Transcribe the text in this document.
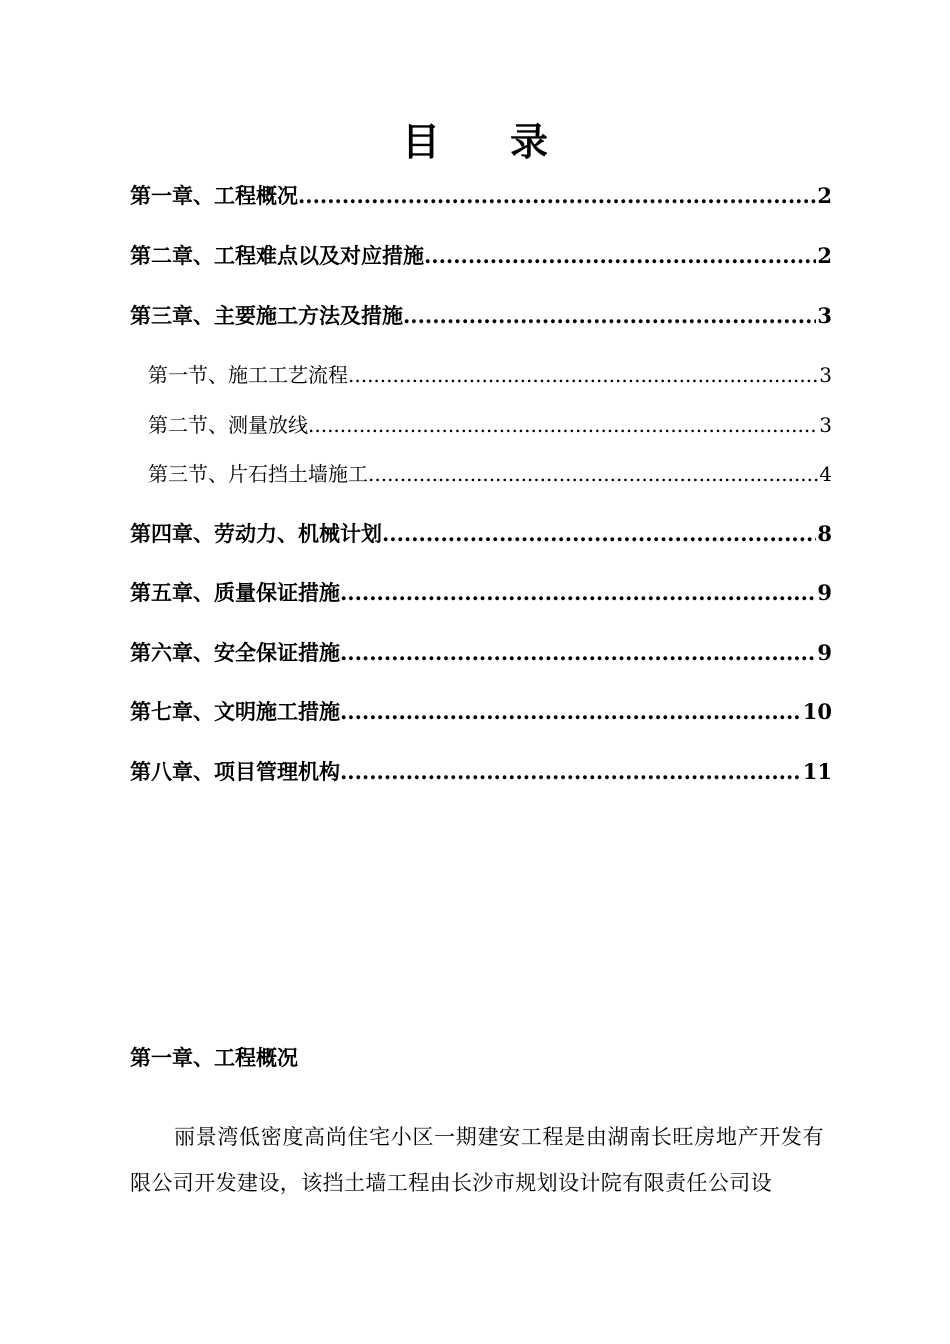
目 录
第一章、工程概况 .....	2
第二章、工程难点以及对应措施 .....	2
第三章、主要施工方法及措施 .....	3
第一节、施工工艺流程 .....	3
第二节、测量放线 .....	3
第三节、片石挡土墙施工 .....	4
第四章、劳动力、机械计划 .....	8
第五章、质量保证措施 .....	9
第六章、安全保证措施 .....	9
第七章、文明施工措施 .....	10
第八章、项目管理机构 .....	11
第一章、工程概况
丽景湾低密度高尚住宅小区一期建安工程是由湖南长旺房地产开发有限公司开发建设，该挡土墙工程由长沙市规划设计院有限责任公司设
